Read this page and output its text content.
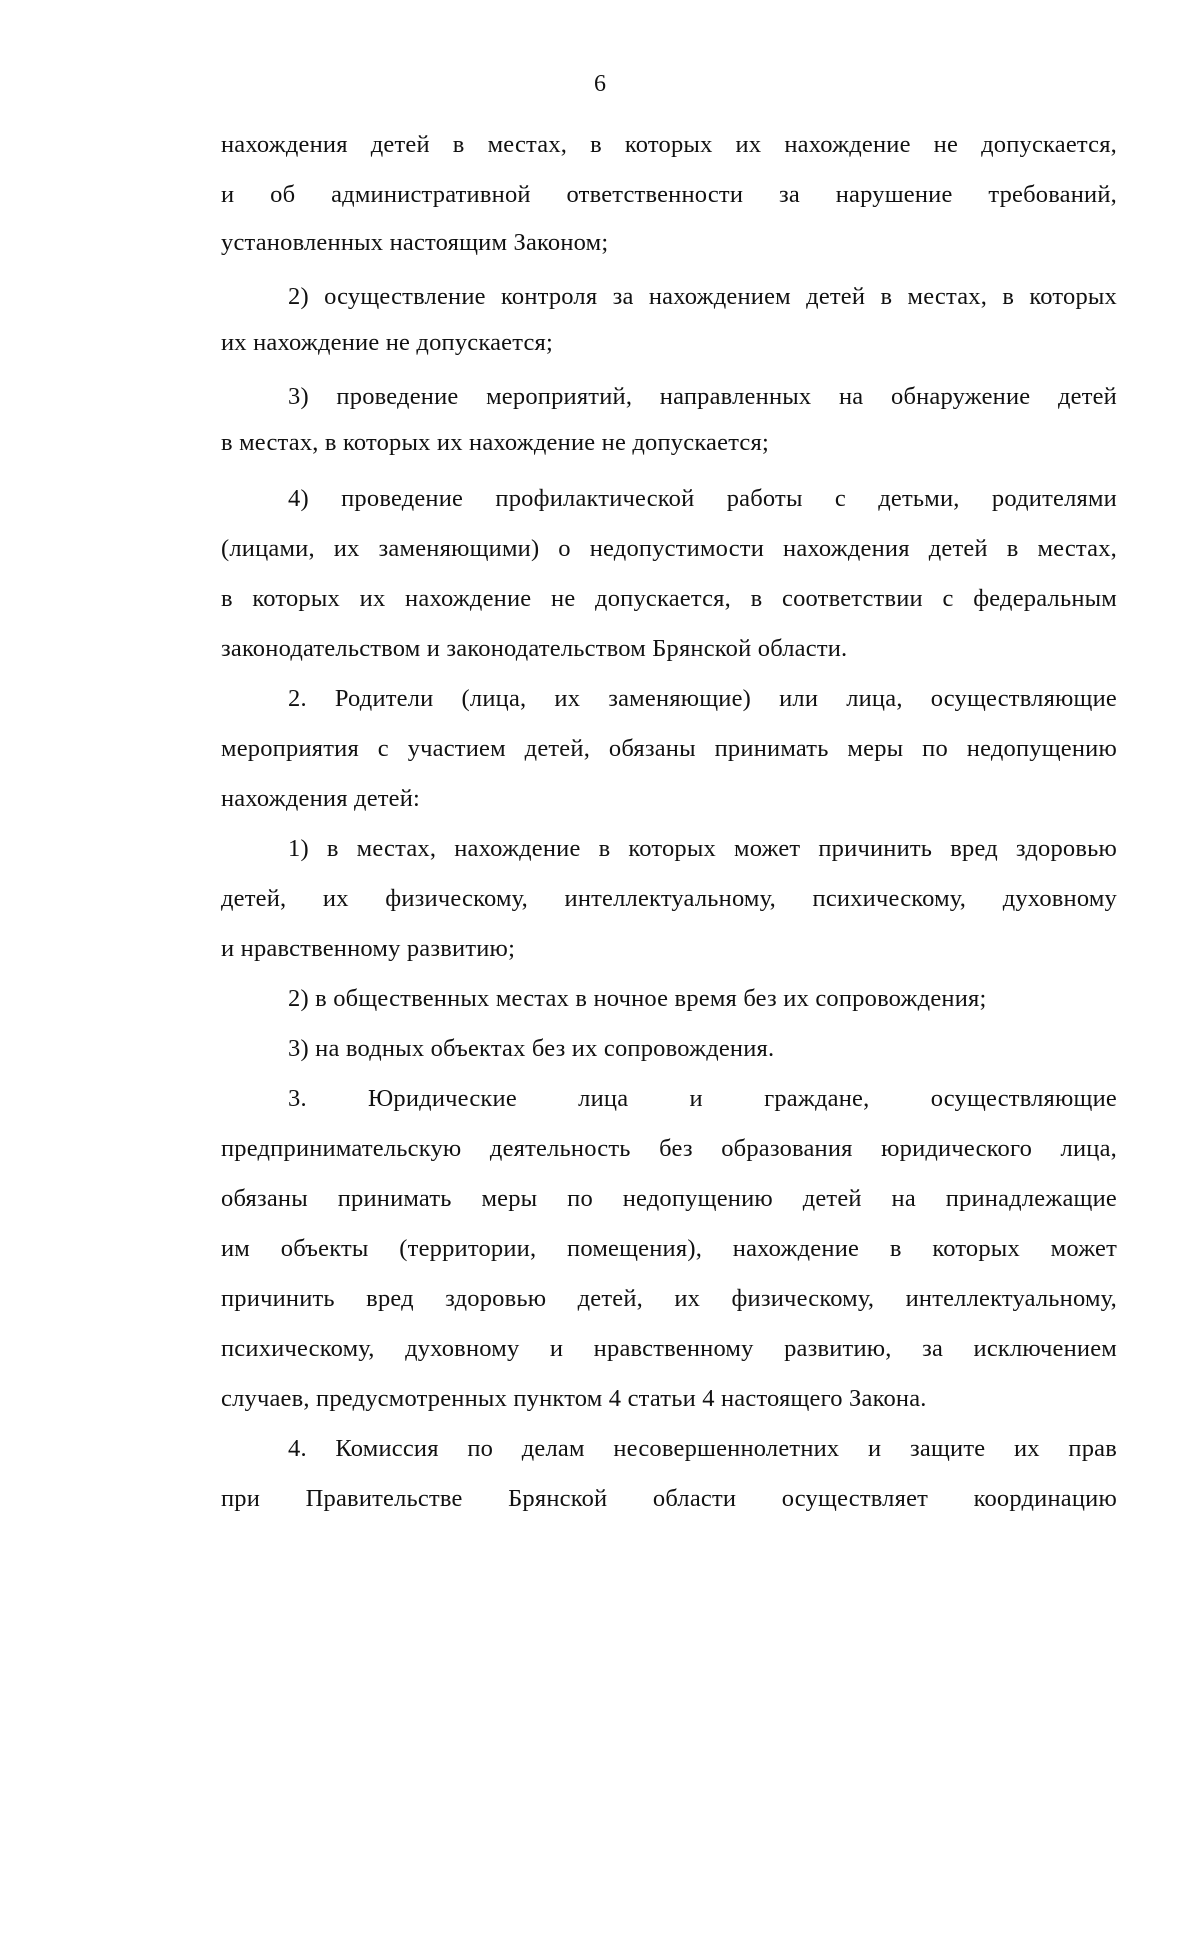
6
нахождения детей в местах, в которых их нахождение не допускается,
и об административной ответственности за нарушение требований,
установленных настоящим Законом;
2) осуществление контроля за нахождением детей в местах, в которых
их нахождение не допускается;
3) проведение мероприятий, направленных на обнаружение детей
в местах, в которых их нахождение не допускается;
4) проведение профилактической работы с детьми, родителями
(лицами, их заменяющими) о недопустимости нахождения детей в местах,
в которых их нахождение не допускается, в соответствии с федеральным
законодательством и законодательством Брянской области.
2. Родители (лица, их заменяющие) или лица, осуществляющие
мероприятия с участием детей, обязаны принимать меры по недопущению
нахождения детей:
1) в местах, нахождение в которых может причинить вред здоровью
детей, их физическому, интеллектуальному, психическому, духовному
и нравственному развитию;
2) в общественных местах в ночное время без их сопровождения;
3) на водных объектах без их сопровождения.
3. Юридические лица и граждане, осуществляющие
предпринимательскую деятельность без образования юридического лица,
обязаны принимать меры по недопущению детей на принадлежащие
им объекты (территории, помещения), нахождение в которых может
причинить вред здоровью детей, их физическому, интеллектуальному,
психическому, духовному и нравственному развитию, за исключением
случаев, предусмотренных пунктом 4 статьи 4 настоящего Закона.
4. Комиссия по делам несовершеннолетних и защите их прав
при Правительстве Брянской области осуществляет координацию
